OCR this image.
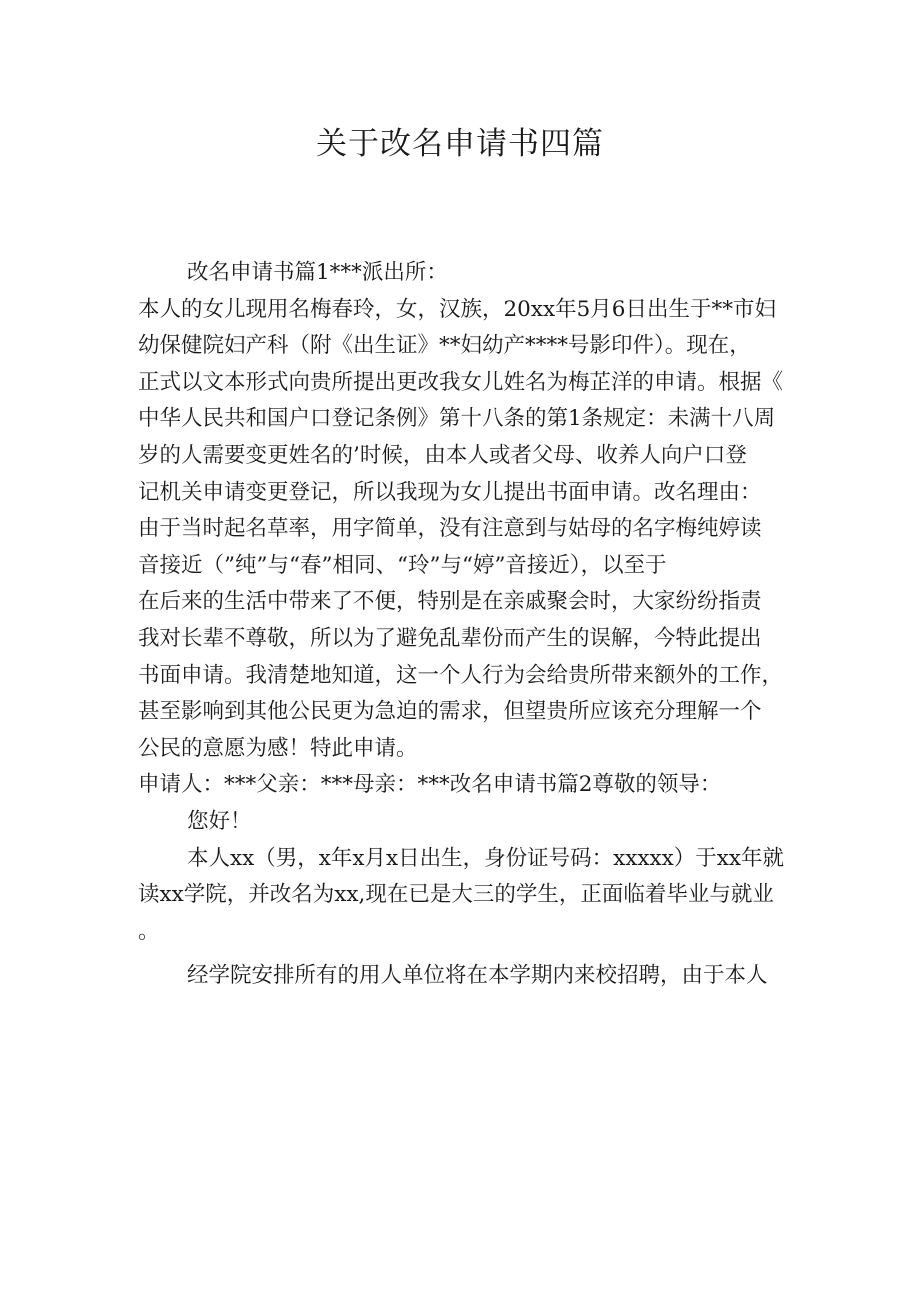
关于改名申请书四篇
改名申请书篇1***派出所：
本人的女儿现用名梅春玲，女，汉族，20xx年5月6日出生于**市妇
幼保健院妇产科（附《出生证》**妇幼产****号影印件）。现在，
正式以文本形式向贵所提出更改我女儿姓名为梅芷洋的申请。根据《
中华人民共和国户口登记条例》第十八条的第1条规定：未满十八周
岁的人需要变更姓名的’时候，由本人或者父母、收养人向户口登
记机关申请变更登记，所以我现为女儿提出书面申请。改名理由：
由于当时起名草率，用字简单，没有注意到与姑母的名字梅纯婷读
音接近（”纯”与“春”相同、“玲”与“婷”音接近），以至于
在后来的生活中带来了不便，特别是在亲戚聚会时，大家纷纷指责
我对长辈不尊敬，所以为了避免乱辈份而产生的误解，今特此提出
书面申请。我清楚地知道，这一个人行为会给贵所带来额外的工作，
甚至影响到其他公民更为急迫的需求，但望贵所应该充分理解一个
公民的意愿为感！特此申请。
申请人：***父亲：***母亲：***改名申请书篇2尊敬的领导：
您好！
本人xx（男，x年x月x日出生，身份证号码：xxxxx）于xx年就
读xx学院，并改名为xx,现在已是大三的学生，正面临着毕业与就业
。
经学院安排所有的用人单位将在本学期内来校招聘，由于本人
